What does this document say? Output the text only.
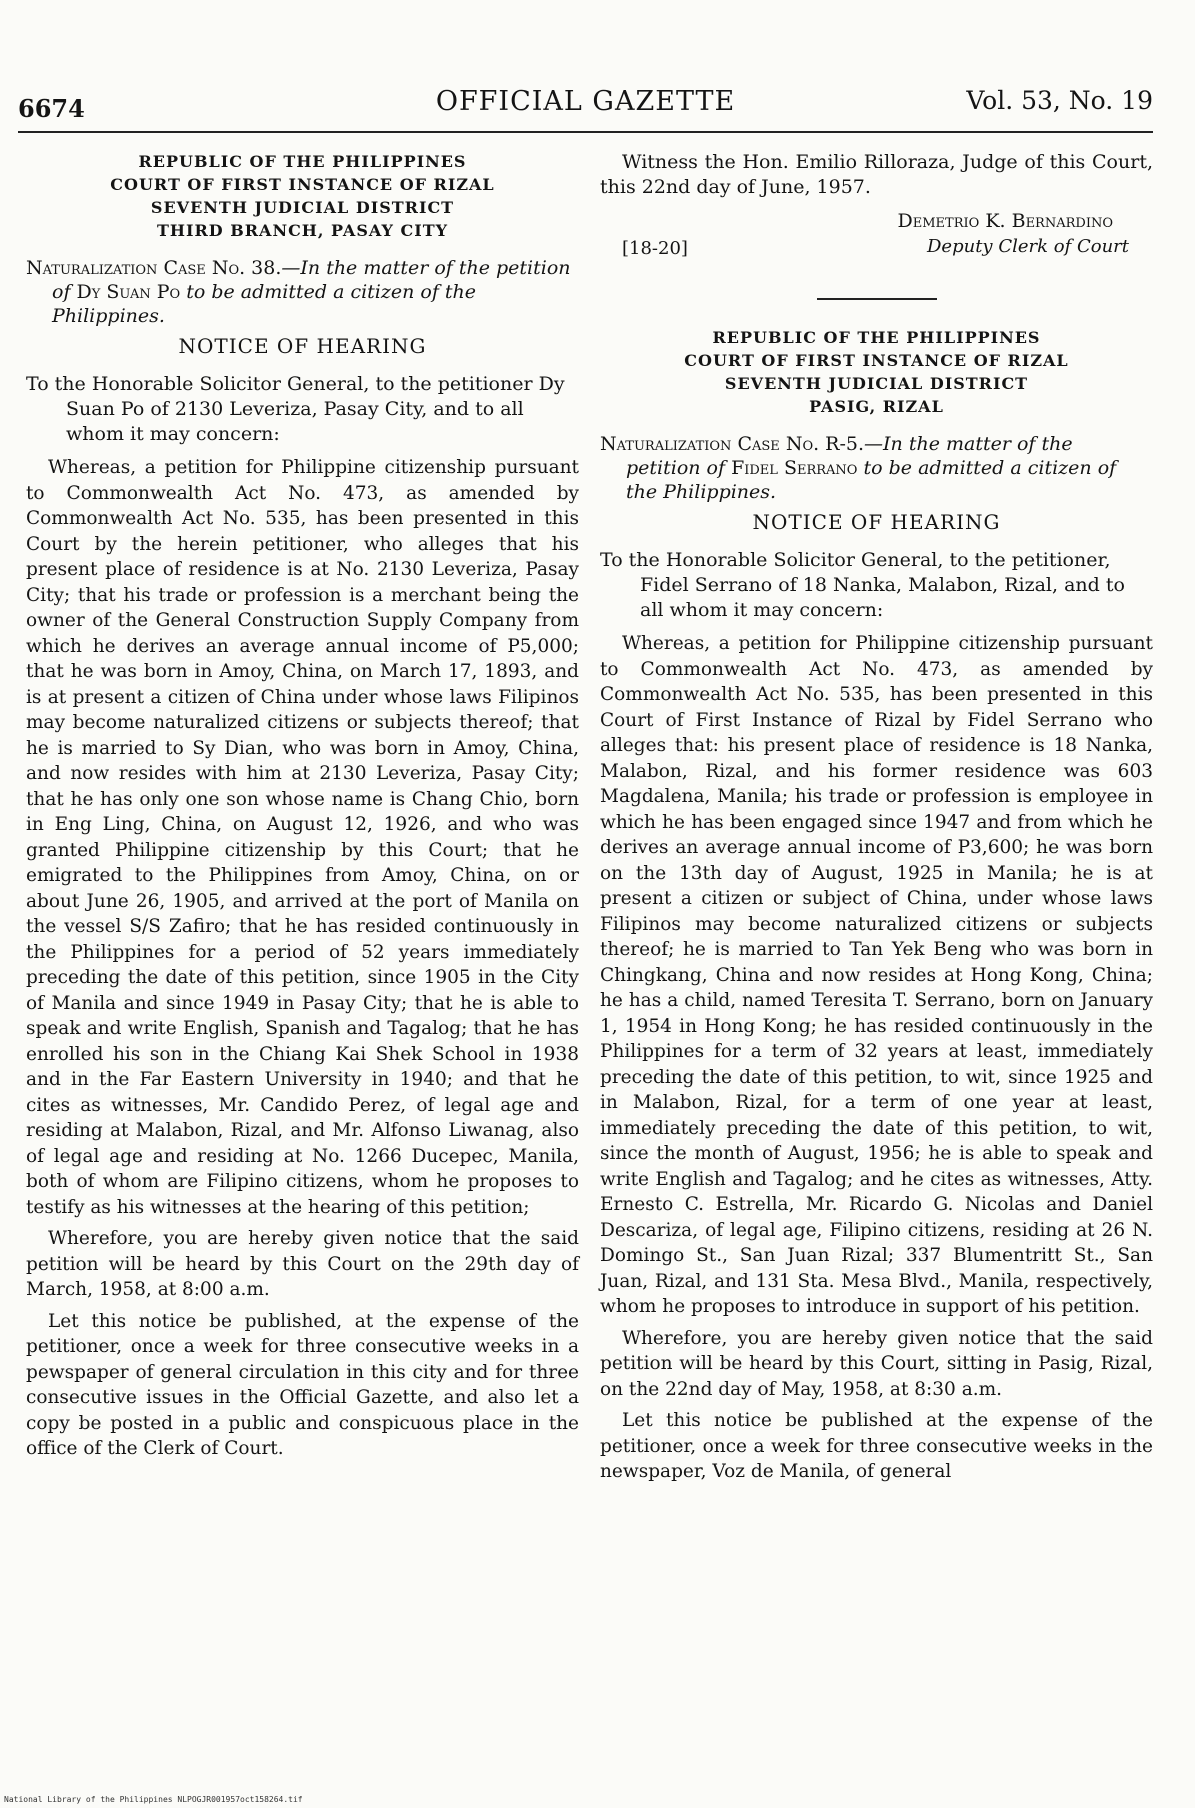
6674	OFFICIAL GAZETTE	Vol. 53, No. 19
REPUBLIC OF THE PHILIPPINES
COURT OF FIRST INSTANCE OF RIZAL
SEVENTH JUDICIAL DISTRICT
THIRD BRANCH, PASAY CITY
Naturalization Case No. 38.—In the matter of the petition of Dy Suan Po to be admitted a citizen of the Philippines.
NOTICE OF HEARING
To the Honorable Solicitor General, to the petitioner Dy Suan Po of 2130 Leveriza, Pasay City, and to all whom it may concern:

Whereas, a petition for Philippine citizenship pursuant to Commonwealth Act No. 473, as amended by Commonwealth Act No. 535, has been presented in this Court by the herein petitioner, who alleges that his present place of residence is at No. 2130 Leveriza, Pasay City; that his trade or profession is a merchant being the owner of the General Construction Supply Company from which he derives an average annual income of P5,000; that he was born in Amoy, China, on March 17, 1893, and is at present a citizen of China under whose laws Filipinos may become naturalized citizens or subjects thereof; that he is married to Sy Dian, who was born in Amoy, China, and now resides with him at 2130 Leveriza, Pasay City; that he has only one son whose name is Chang Chio, born in Eng Ling, China, on August 12, 1926, and who was granted Philippine citizenship by this Court; that he emigrated to the Philippines from Amoy, China, on or about June 26, 1905, and arrived at the port of Manila on the vessel S/S Zafiro; that he has resided continuously in the Philippines for a period of 52 years immediately preceding the date of this petition, since 1905 in the City of Manila and since 1949 in Pasay City; that he is able to speak and write English, Spanish and Tagalog; that he has enrolled his son in the Chiang Kai Shek School in 1938 and in the Far Eastern University in 1940; and that he cites as witnesses, Mr. Candido Perez, of legal age and residing at Malabon, Rizal, and Mr. Alfonso Liwanag, also of legal age and residing at No. 1266 Ducepec, Manila, both of whom are Filipino citizens, whom he proposes to testify as his witnesses at the hearing of this petition;

Wherefore, you are hereby given notice that the said petition will be heard by this Court on the 29th day of March, 1958, at 8:00 a.m.

Let this notice be published, at the expense of the petitioner, once a week for three consecutive weeks in a pewspaper of general circulation in this city and for three consecutive issues in the Official Gazette, and also let a copy be posted in a public and conspicuous place in the office of the Clerk of Court.

Witness the Hon. Emilio Rilloraza, Judge of this Court, this 22nd day of June, 1957.
[18-20]
Demetrio K. Bernardino
Deputy Clerk of Court
REPUBLIC OF THE PHILIPPINES
COURT OF FIRST INSTANCE OF RIZAL
SEVENTH JUDICIAL DISTRICT
PASIG, RIZAL
Naturalization Case No. R-5.—In the matter of the petition of Fidel Serrano to be admitted a citizen of the Philippines.
NOTICE OF HEARING
To the Honorable Solicitor General, to the petitioner, Fidel Serrano of 18 Nanka, Malabon, Rizal, and to all whom it may concern:

Whereas, a petition for Philippine citizenship pursuant to Commonwealth Act No. 473, as amended by Commonwealth Act No. 535, has been presented in this Court of First Instance of Rizal by Fidel Serrano who alleges that: his present place of residence is 18 Nanka, Malabon, Rizal, and his former residence was 603 Magdalena, Manila; his trade or profession is employee in which he has been engaged since 1947 and from which he derives an average annual income of P3,600; he was born on the 13th day of August, 1925 in Manila; he is at present a citizen or subject of China, under whose laws Filipinos may become naturalized citizens or subjects thereof; he is married to Tan Yek Beng who was born in Chingkang, China and now resides at Hong Kong, China; he has a child, named Teresita T. Serrano, born on January 1, 1954 in Hong Kong; he has resided continuously in the Philippines for a term of 32 years at least, immediately preceding the date of this petition, to wit, since 1925 and in Malabon, Rizal, for a term of one year at least, immediately preceding the date of this petition, to wit, since the month of August, 1956; he is able to speak and write English and Tagalog; and he cites as witnesses, Atty. Ernesto C. Estrella, Mr. Ricardo G. Nicolas and Daniel Descariza, of legal age, Filipino citizens, residing at 26 N. Domingo St., San Juan Rizal; 337 Blumentritt St., San Juan, Rizal, and 131 Sta. Mesa Blvd., Manila, respectively, whom he proposes to introduce in support of his petition.

Wherefore, you are hereby given notice that the said petition will be heard by this Court, sitting in Pasig, Rizal, on the 22nd day of May, 1958, at 8:30 a.m.

Let this notice be published at the expense of the petitioner, once a week for three consecutive weeks in the newspaper, Voz de Manila, of general

National Library of the Philippines NLPOGJR001957oct158264.tif
